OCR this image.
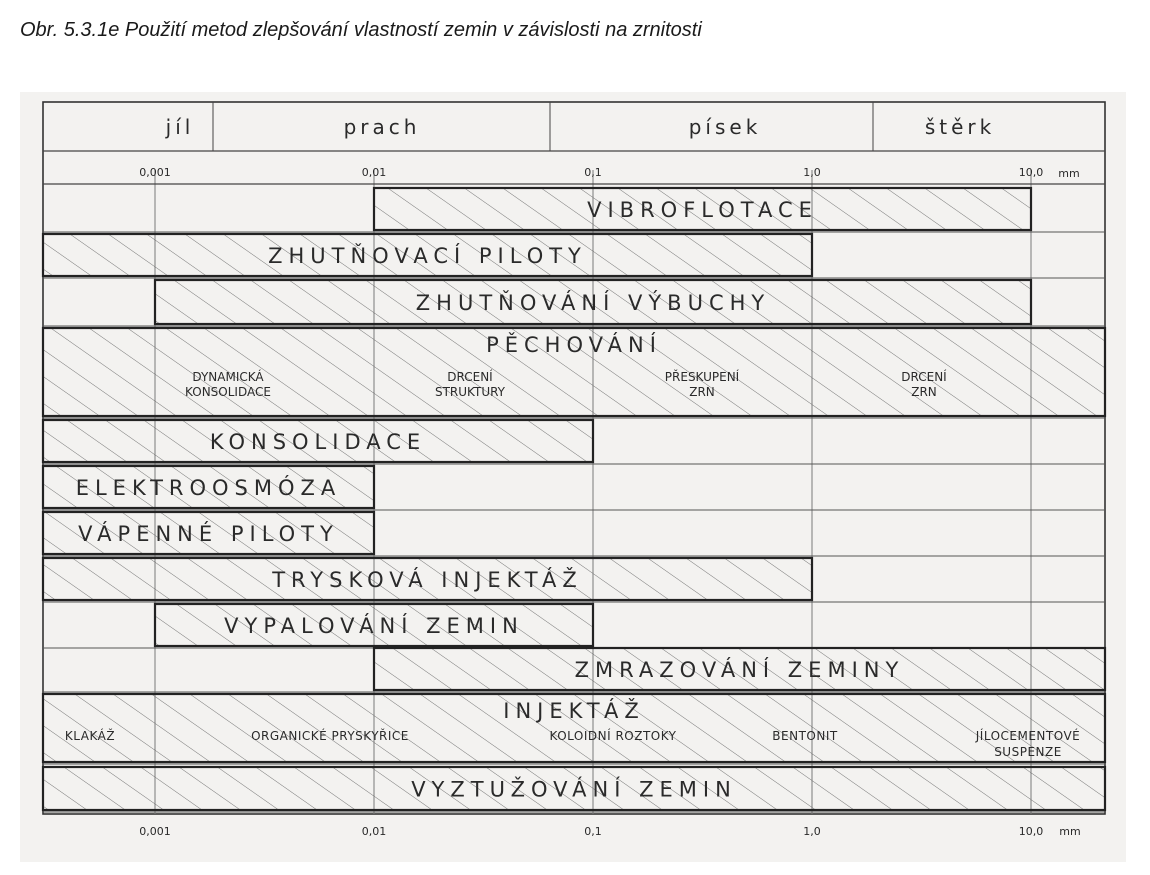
Obr. 5.3.1e Použití metod zlepšování vlastností zemin v závislosti na zrnitosti
jíl	prach	písek	štěrk
0,001
0,001
0,01
0,01
0,1
0,1
1,0
1,0
10,0
10,0
mm
mm
VIBROFLOTACE
ZHUTŇOVACÍ PILOTY
ZHUTŇOVÁNÍ VÝBUCHY
PĚCHOVÁNÍ
KONSOLIDACE
ELEKTROOSMÓZA
VÁPENNÉ PILOTY
TRYSKOVÁ INJEKTÁŽ
VYPALOVÁNÍ ZEMIN
ZMRAZOVÁNÍ ZEMINY
INJEKTÁŽ
VYZTUŽOVÁNÍ ZEMIN
DYNAMICKÁ
KONSOLIDACE
DRCENÍ
STRUKTURY
PŘESKUPENÍ
ZRN
DRCENÍ
ZRN
KLAKÁŽ	ORGANICKÉ PRYSKYŘICE	KOLOIDNÍ ROZTOKY	BENTONIT	JÍLOCEMENTOVÉ
SUSPENZE
